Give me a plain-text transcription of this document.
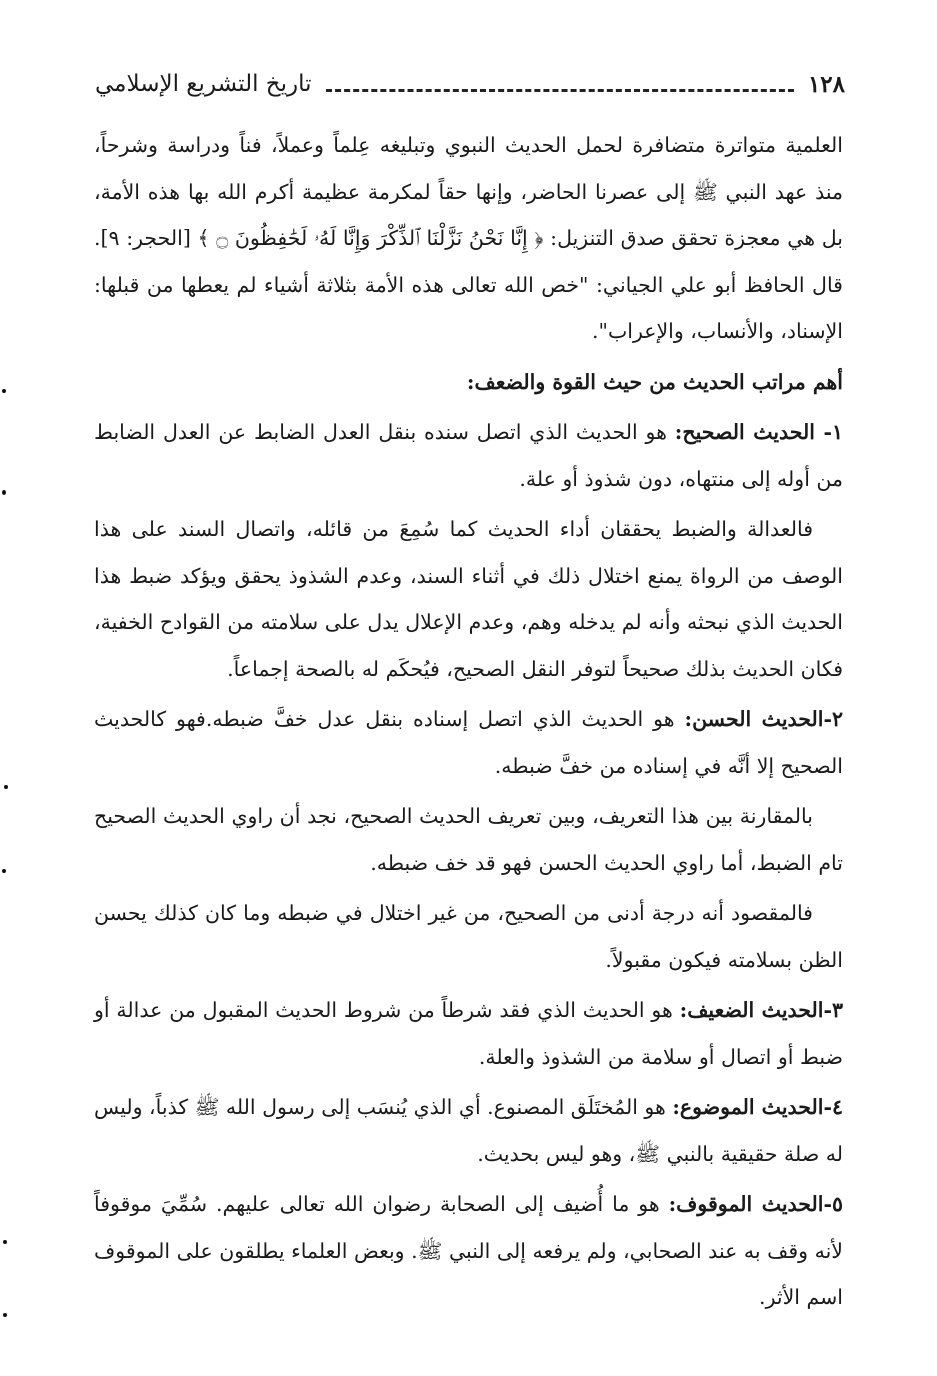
١٢٨
تاريخ التشريع الإسلامي

العلمية متواترة متضافرة لحمل الحديث النبوي وتبليغه عِلماً وعملاً، فناً ودراسة وشرحاً، منذ عهد النبي ﷺ إلى عصرنا الحاضر، وإنها حقاً لمكرمة عظيمة أكرم الله بها هذه الأمة، بل هي معجزة تحقق صدق التنزيل: ﴿ إِنَّا نَحْنُ نَزَّلْنَا ٱلذِّكْرَ وَإِنَّا لَهُۥ لَحَٰفِظُونَ ۝ ﴾ [الحجر: ٩]. قال الحافظ أبو علي الجياني: "خص الله تعالى هذه الأمة بثلاثة أشياء لم يعطها من قبلها: الإسناد، والأنساب، والإعراب".

أهم مراتب الحديث من حيث القوة والضعف:

١- الحديث الصحيح: هو الحديث الذي اتصل سنده بنقل العدل الضابط عن العدل الضابط من أوله إلى منتهاه، دون شذوذ أو علة.

فالعدالة والضبط يحققان أداء الحديث كما سُمِعَ من قائله، واتصال السند على هذا الوصف من الرواة يمنع اختلال ذلك في أثناء السند، وعدم الشذوذ يحقق ويؤكد ضبط هذا الحديث الذي نبحثه وأنه لم يدخله وهم، وعدم الإعلال يدل على سلامته من القوادح الخفية، فكان الحديث بذلك صحيحاً لتوفر النقل الصحيح، فيُحكَم له بالصحة إجماعاً.

٢-الحديث الحسن: هو الحديث الذي اتصل إسناده بنقل عدل خفَّ ضبطه.فهو كالحديث الصحيح إلا أنَّه في إسناده من خفَّ ضبطه.

بالمقارنة بين هذا التعريف، وبين تعريف الحديث الصحيح، نجد أن راوي الحديث الصحيح تام الضبط، أما راوي الحديث الحسن فهو قد خف ضبطه.

فالمقصود أنه درجة أدنى من الصحيح، من غير اختلال في ضبطه وما كان كذلك يحسن الظن بسلامته فيكون مقبولاً.

٣-الحديث الضعيف: هو الحديث الذي فقد شرطاً من شروط الحديث المقبول من عدالة أو ضبط أو اتصال أو سلامة من الشذوذ والعلة.

٤-الحديث الموضوع: هو المُختَلَق المصنوع. أي الذي يُنسَب إلى رسول الله ﷺ كذباً، وليس له صلة حقيقية بالنبي ﷺ، وهو ليس بحديث.

٥-الحديث الموقوف: هو ما أُضيف إلى الصحابة رضوان الله تعالى عليهم. سُمِّيَ موقوفاً لأنه وقف به عند الصحابي، ولم يرفعه إلى النبي ﷺ. وبعض العلماء يطلقون على الموقوف اسم الأثر.
